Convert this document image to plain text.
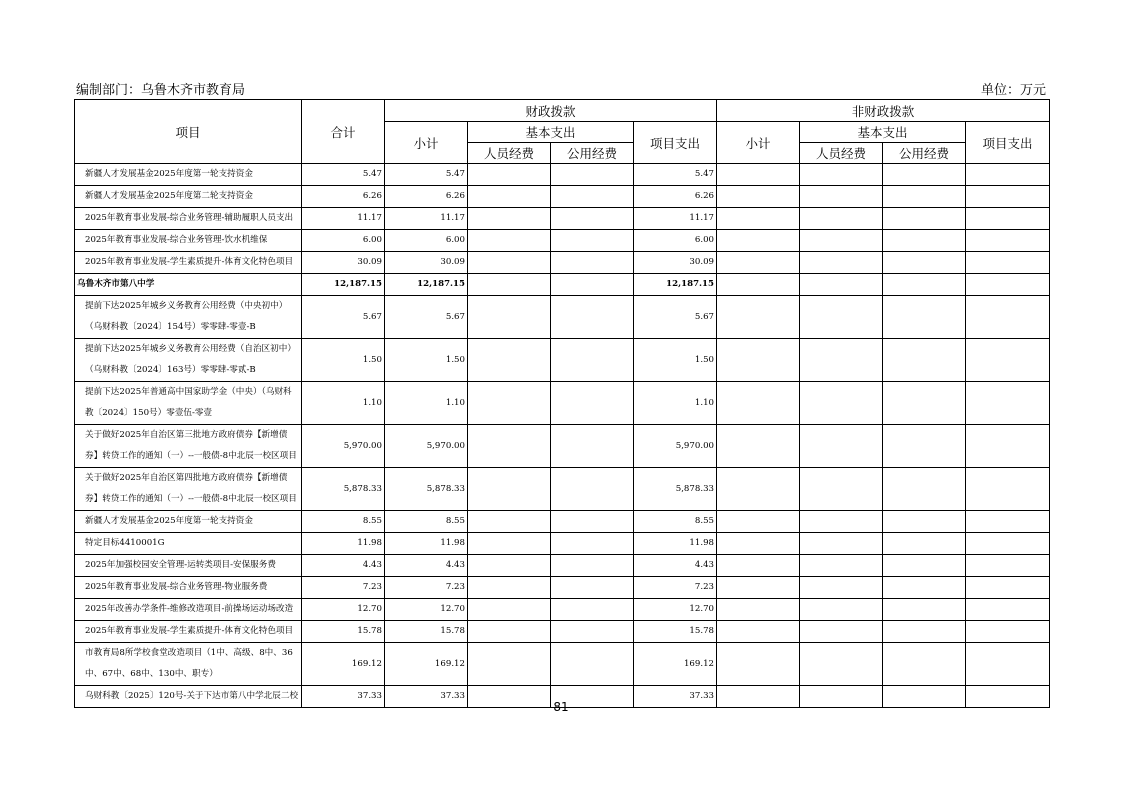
编制部门：乌鲁木齐市教育局	单位：万元
项目	合计	财政拨款				非财政拨款			
		小计	基本支出		项目支出	小计	基本支出		项目支出
			人员经费	公用经费			人员经费	公用经费	
新疆人才发展基金2025年度第一轮支持资金	5.47	5.47			5.47				
新疆人才发展基金2025年度第二轮支持资金	6.26	6.26			6.26				
2025年教育事业发展-综合业务管理-辅助履职人员支出	11.17	11.17			11.17				
2025年教育事业发展-综合业务管理-饮水机维保	6.00	6.00			6.00				
2025年教育事业发展-学生素质提升-体育文化特色项目	30.09	30.09			30.09				
乌鲁木齐市第八中学	12,187.15	12,187.15			12,187.15				
提前下达2025年城乡义务教育公用经费（中央初中）（乌财科教〔2024〕154号）零零肆-零壹-B	5.67	5.67			5.67				
提前下达2025年城乡义务教育公用经费（自治区初中）（乌财科教〔2024〕163号）零零肆-零贰-B	1.50	1.50			1.50				
提前下达2025年普通高中国家助学金（中央）（乌财科教〔2024〕150号）零壹伍-零壹	1.10	1.10			1.10				
关于做好2025年自治区第三批地方政府债券【新增债券】转贷工作的通知（一）--一般债-8中北辰一校区项目	5,970.00	5,970.00			5,970.00				
关于做好2025年自治区第四批地方政府债券【新增债券】转贷工作的通知（一）--一般债-8中北辰一校区项目	5,878.33	5,878.33			5,878.33				
新疆人才发展基金2025年度第一轮支持资金	8.55	8.55			8.55				
特定目标4410001G	11.98	11.98			11.98				
2025年加强校园安全管理-运转类项目-安保服务费	4.43	4.43			4.43				
2025年教育事业发展-综合业务管理-物业服务费	7.23	7.23			7.23				
2025年改善办学条件-维修改造项目-前操场运动场改造	12.70	12.70			12.70				
2025年教育事业发展-学生素质提升-体育文化特色项目	15.78	15.78			15.78				
市教育局8所学校食堂改造项目（1中、高级、8中、36中、67中、68中、130中、职专）	169.12	169.12			169.12				
乌财科教〔2025〕120号-关于下达市第八中学北辰二校	37.33	37.33			37.33				
81
